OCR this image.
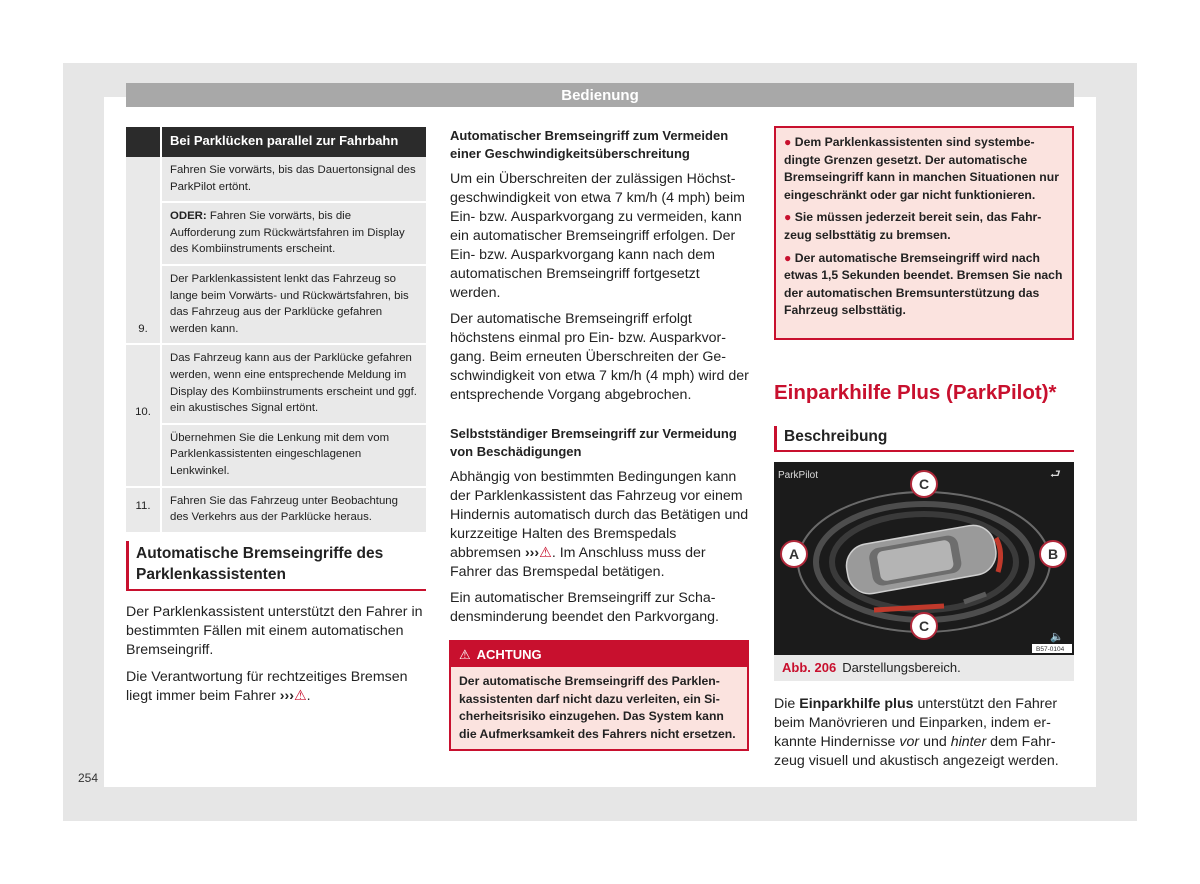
Bedienung
	Bei Parklücken parallel zur Fahrbahn
9.	Fahren Sie vorwärts, bis das Dauertonsignal des ParkPilot ertönt.
	ODER: Fahren Sie vorwärts, bis die Aufforderung zum Rückwärtsfahren im Display des Kombiinstruments erscheint.
	Der Parklenkassistent lenkt das Fahrzeug so lange beim Vorwärts- und Rückwärtsfahren, bis das Fahrzeug aus der Parklücke gefahren werden kann.
10.	Das Fahrzeug kann aus der Parklücke gefahren werden, wenn eine entsprechende Meldung im Display des Kombiinstruments erscheint und ggf. ein akustisches Signal ertönt.
	Übernehmen Sie die Lenkung mit dem vom Parklenkassistenten eingeschlagenen Lenkwinkel.
11.	Fahren Sie das Fahrzeug unter Beobachtung des Verkehrs aus der Parklücke heraus.
Automatische Bremseingriffe des Parklenkassistenten
Der Parklenkassistent unterstützt den Fahrer in bestimmten Fällen mit einem automatischen Bremseingriff.
Die Verantwortung für rechtzeitiges Bremsen liegt immer beim Fahrer ›››⚠.
Automatischer Bremseingriff zum Vermeiden einer Geschwindigkeitsüberschreitung
Um ein Überschreiten der zulässigen Höchstgeschwindigkeit von etwa 7 km/h (4 mph) beim Ein- bzw. Ausparkvorgang zu vermeiden, kann ein automatischer Bremseingriff erfolgen. Der Ein- bzw. Ausparkvorgang kann nach dem automatischen Bremseingriff fortgesetzt werden.
Der automatische Bremseingriff erfolgt höchstens einmal pro Ein- bzw. Ausparkvorgang. Beim erneuten Überschreiten der Geschwindigkeit von etwa 7 km/h (4 mph) wird der entsprechende Vorgang abgebrochen.
Selbstständiger Bremseingriff zur Vermeidung von Beschädigungen
Abhängig von bestimmten Bedingungen kann der Parklenkassistent das Fahrzeug vor einem Hindernis automatisch durch das Betätigen und kurzzeitige Halten des Bremspedals abbremsen ›››⚠. Im Anschluss muss der Fahrer das Bremspedal betätigen.
Ein automatischer Bremseingriff zur Schadensminderung beendet den Parkvorgang.
⚠ ACHTUNG
Der automatische Bremseingriff des Parklenkassistenten darf nicht dazu verleiten, ein Sicherheitsrisiko einzugehen. Das System kann die Aufmerksamkeit des Fahrers nicht ersetzen.

● Dem Parklenkassistenten sind systembedingte Grenzen gesetzt. Der automatische Bremseingriff kann in manchen Situationen nur eingeschränkt oder gar nicht funktionieren.

● Sie müssen jederzeit bereit sein, das Fahrzeug selbsttätig zu bremsen.

● Der automatische Bremseingriff wird nach etwas 1,5 Sekunden beendet. Bremsen Sie nach der automatischen Bremsunterstützung das Fahrzeug selbsttätig.

Einparkhilfe Plus (ParkPilot)*
Beschreibung
ParkPilot	⮐
C
A	B
C
🔈
B57-0104
Abb. 206 Darstellungsbereich.
Die Einparkhilfe plus unterstützt den Fahrer beim Manövrieren und Einparken, indem erkannte Hindernisse vor und hinter dem Fahrzeug visuell und akustisch angezeigt werden.
254
